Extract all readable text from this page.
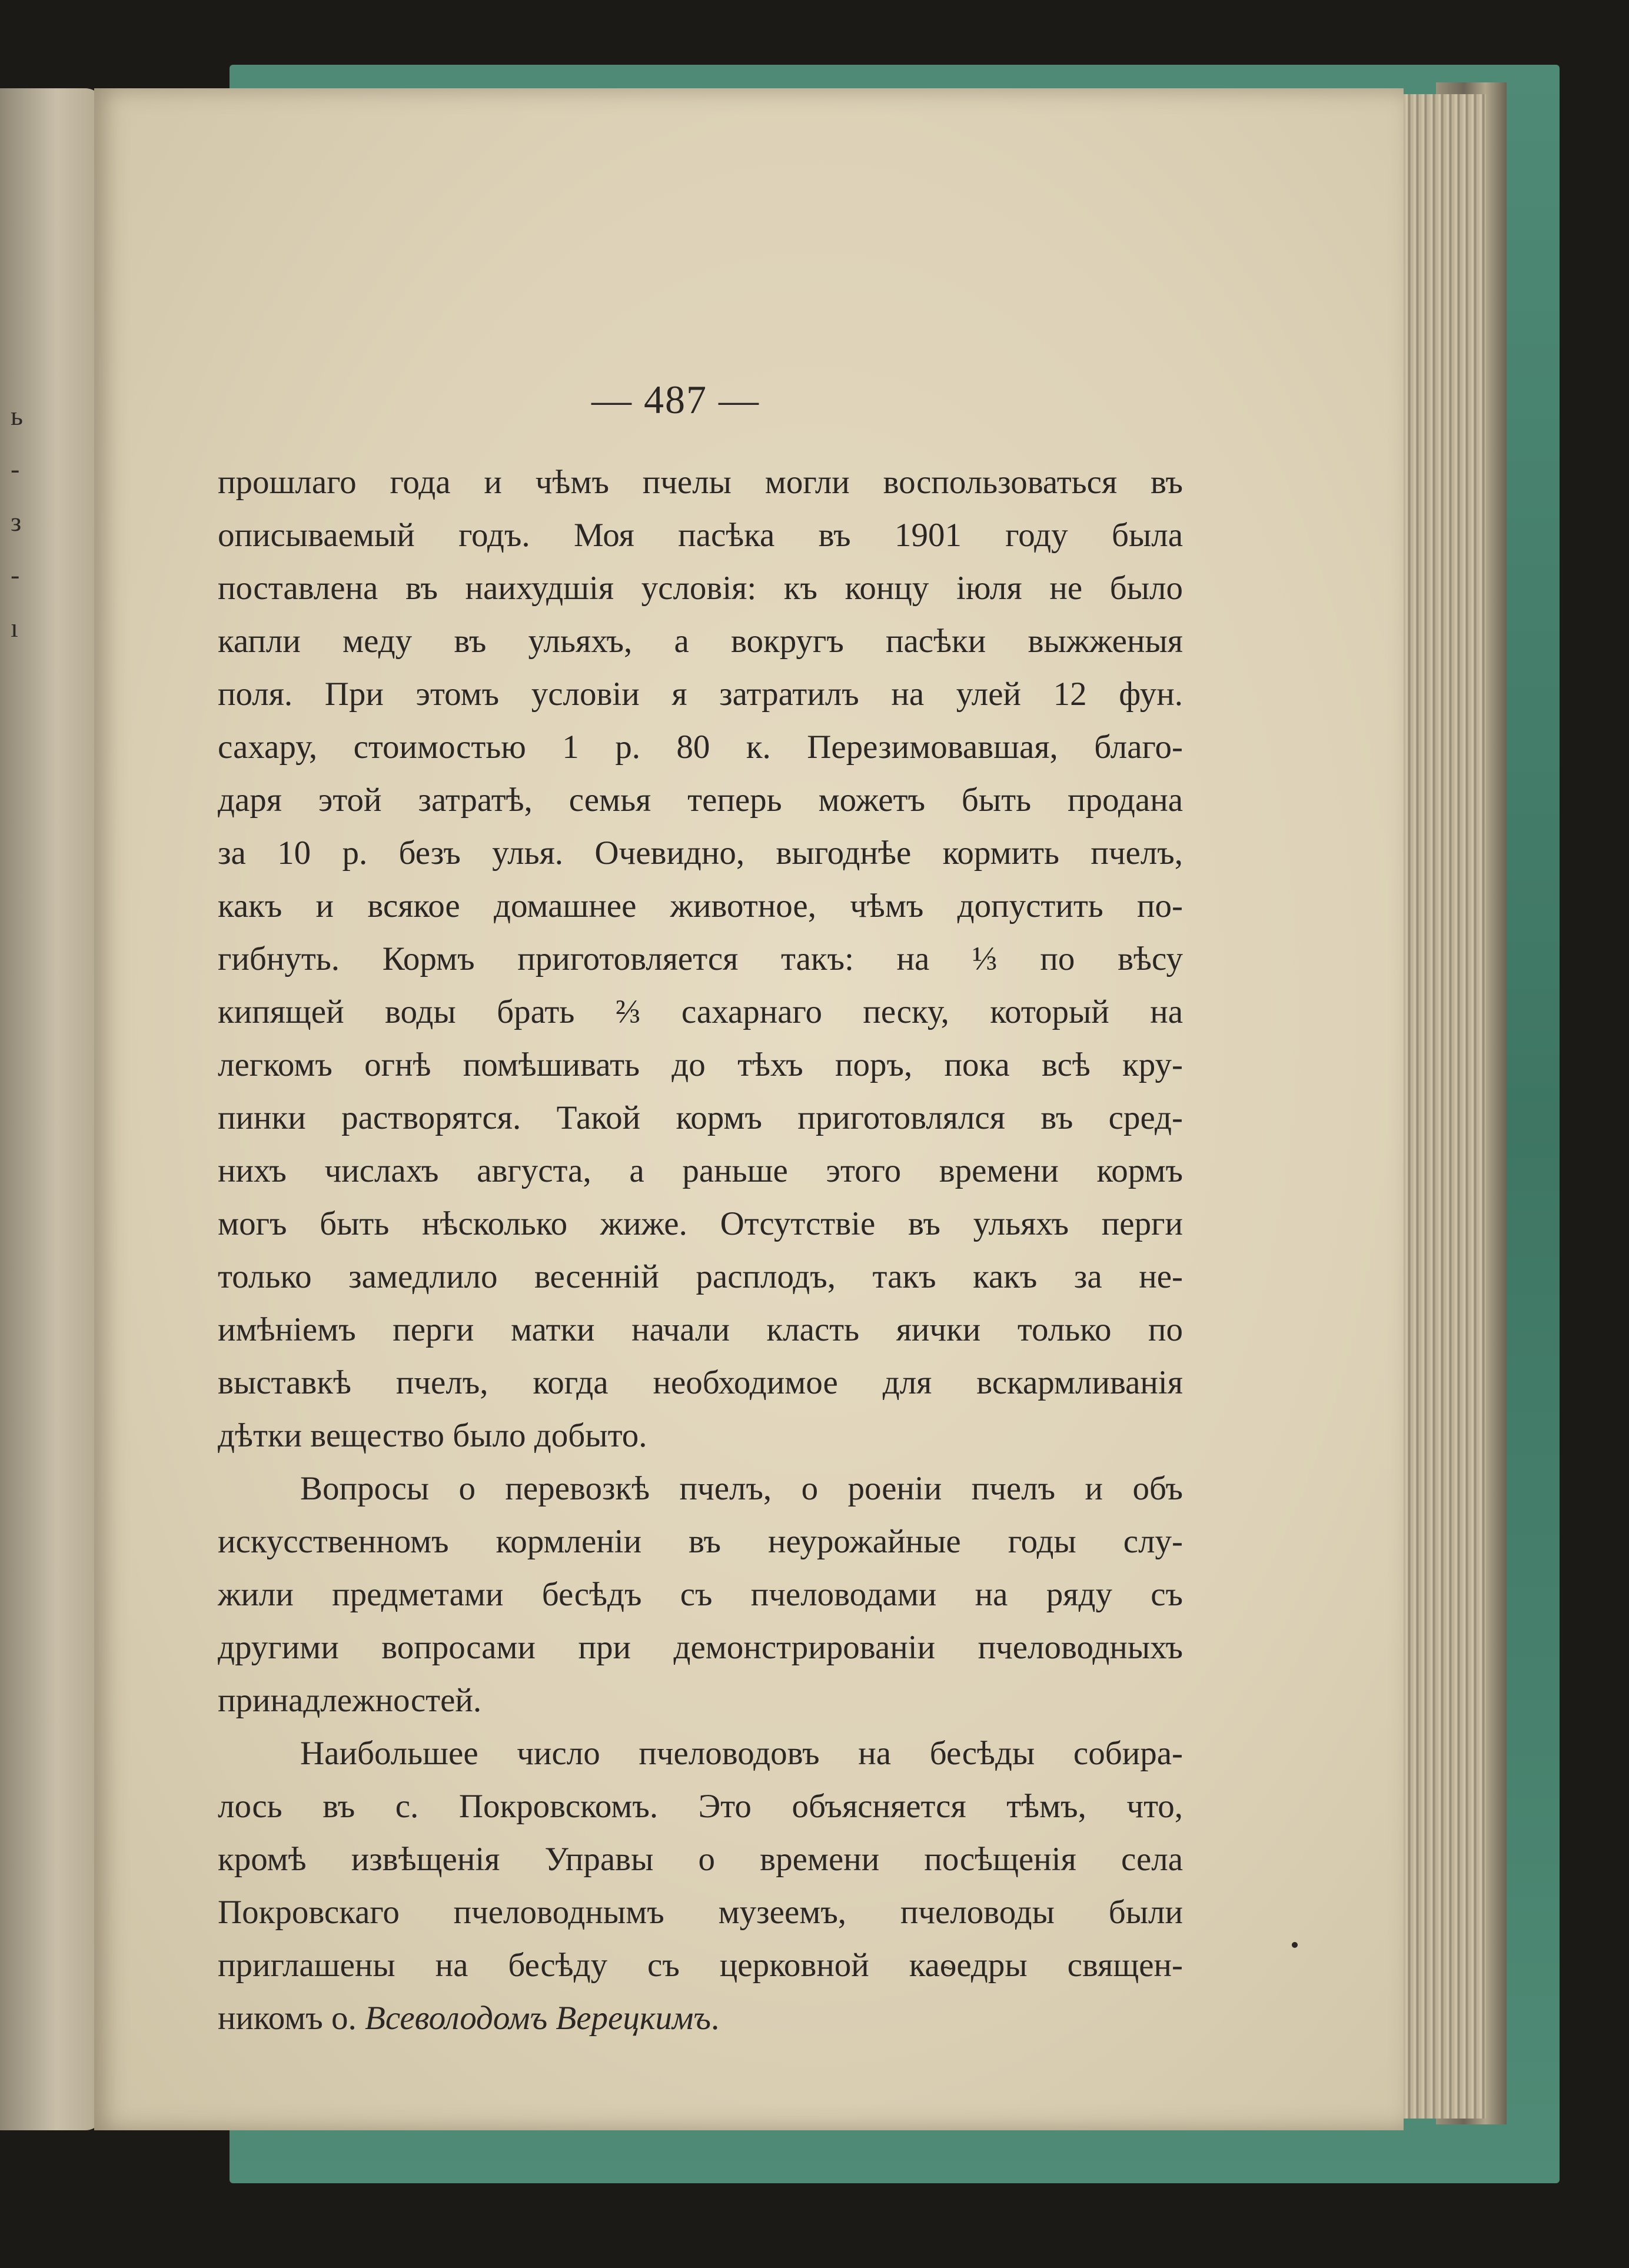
ь
-
з
-
ı
— 487 —
прошлаго года и чѣмъ пчелы могли воспользоваться въ
описываемый годъ. Моя пасѣка въ 1901 году была
поставлена въ наихудшія условія: къ концу іюля не было
капли меду въ ульяхъ, а вокругъ пасѣки выжженыя
поля. При этомъ условіи я затратилъ на улей 12 фун.
сахару, стоимостью 1 р. 80 к. Перезимовавшая, благо-
даря этой затратѣ, семья теперь можетъ быть продана
за 10 р. безъ улья. Очевидно, выгоднѣе кормить пчелъ,
какъ и всякое домашнее животное, чѣмъ допустить по-
гибнуть. Кормъ приготовляется такъ: на ⅓ по вѣсу
кипящей воды брать ⅔ сахарнаго песку, который на
легкомъ огнѣ помѣшивать до тѣхъ поръ, пока всѣ кру-
пинки растворятся. Такой кормъ приготовлялся въ сред-
нихъ числахъ августа, а раньше этого времени кормъ
могъ быть нѣсколько жиже. Отсутствіе въ ульяхъ перги
только замедлило весенній расплодъ, такъ какъ за не-
имѣніемъ перги матки начали класть яички только по
выставкѣ пчелъ, когда необходимое для вскармливанія
дѣтки вещество было добыто.
Вопросы о перевозкѣ пчелъ, о роеніи пчелъ и объ
искусственномъ кормленіи въ неурожайные годы слу-
жили предметами бесѣдъ съ пчеловодами на ряду съ
другими вопросами при демонстрированіи пчеловодныхъ
принадлежностей.
Наибольшее число пчеловодовъ на бесѣды собира-
лось въ с. Покровскомъ. Это объясняется тѣмъ, что,
кромѣ извѣщенія Управы о времени посѣщенія села
Покровскаго пчеловоднымъ музеемъ, пчеловоды были
приглашены на бесѣду съ церковной каѳедры священ-
никомъ о. Всеволодомъ Верецкимъ.
